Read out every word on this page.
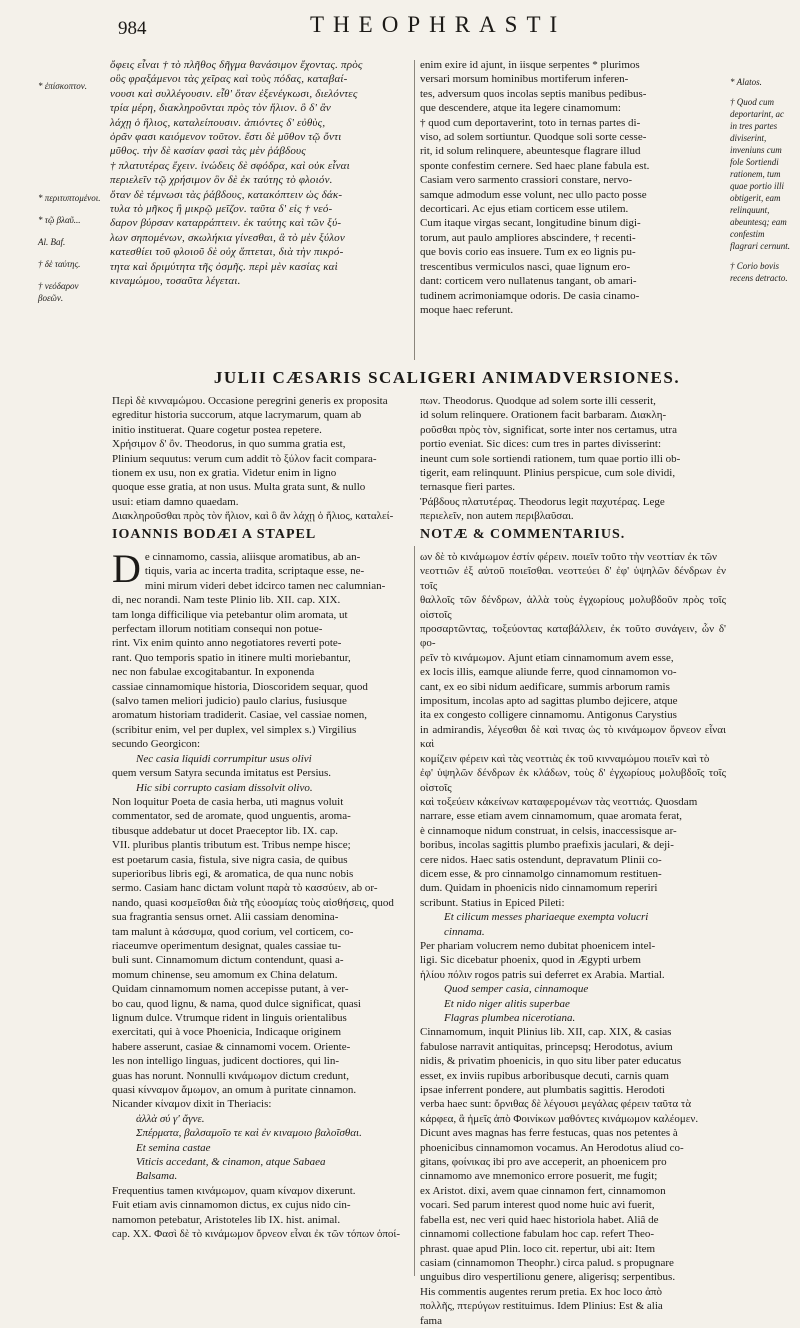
984	THEOPHRASTI
* ἐπίσκοπτον.
* περιτυπτομένοι.
* τῷ βλαῦ...
Al. Baf.
† δὲ ταύτης.
† νεόδαρον βοεῶν.
* Alatos.
† Quod cum deportarint, ac in tres partes diviserint, inveniuns cum fole Sortiendi rationem, tum quae portio illi obtigerit, eam relinquunt, abeuntesq; eam confestim flagrari cernunt.
† Corio bovis recens detracto.
ὄφεις εἶναι † τὸ πλῆθος δῆγμα θανάσιμον ἔχοντας. πρὸς
οὓς φραξάμενοι τὰς χεῖρας καὶ τοὺς πόδας, καταβαί-
νουσι καὶ συλλέγουσιν. εἶθ' ὅταν ἐξενέγκωσι, διελόντες
τρία μέρη, διακληροῦνται πρὸς τὸν ἥλιον. ὃ δ' ἂν
λάχῃ ὁ ἥλιος, καταλείπουσιν. ἀπιόντες δ' εὐθὺς,
ὁρᾶν φασι καιόμενον τοῦτον. ἔστι δὲ μῦθον τῷ ὄντι
μῦθος. τὴν δὲ κασίαν φασὶ τὰς μὲν ῥάβδους
† πλατυτέρας ἔχειν. ἰνώδεις δὲ σφόδρα, καὶ οὐκ εἶναι
περιελεῖν τῷ χρήσιμον ὃν δὲ ἐκ ταύτης τὸ φλοιόν.
ὅταν δὲ τέμνωσι τὰς ῥάβδους, κατακόπτειν ὡς δάκ-
τυλα τὸ μῆκος ἢ μικρῷ μεῖζον. ταῦτα δ' εἰς † νεό-
δαρον βύρσαν καταρράπτειν. ἐκ ταύτης καὶ τῶν ξύ-
λων σηπομένων, σκωλήκια γίνεσθαι, ἃ τὸ μὲν ξύλον
κατεσθίει τοῦ φλοιοῦ δὲ οὐχ ἅπτεται, διὰ τὴν πικρό-
τητα καὶ δριμύτητα τῆς ὀσμῆς. περὶ μὲν κασίας καὶ
κιναμώμου, τοσαῦτα λέγεται.
enim exire id ajunt, in iisque serpentes * plurimos
versari morsum hominibus mortiferum inferen-
tes, adversum quos incolas septis manibus pedibus-
que descendere, atque ita legere cinamomum:
† quod cum deportaverint, toto in ternas partes di-
viso, ad solem sortiuntur. Quodque soli sorte cesse-
rit, id solum relinquere, abeuntesque flagrare illud
sponte confestim cernere. Sed haec plane fabula est.
Casiam vero sarmento crassiori constare, nervo-
samque admodum esse volunt, nec ullo pacto posse
decorticari. Ac ejus etiam corticem esse utilem.
Cum itaque virgas secant, longitudine binum digi-
torum, aut paulo ampliores abscindere, † recenti-
que bovis corio eas insuere. Tum ex eo lignis pu-
trescentibus vermiculos nasci, quae lignum ero-
dant: corticem vero nullatenus tangant, ob amari-
tudinem acrimoniamque odoris. De casia cinamo-
moque haec referunt.
JULII CÆSARIS SCALIGERI ANIMADVERSIONES.
Περὶ δὲ κινναμώμου. Occasione peregrini generis ex proposita
egreditur historia succorum, atque lacrymarum, quam ab
initio instituerat. Quare cogetur postea repetere.
Χρήσιμον δ' ὂν. Theodorus, in quo summa gratia est,
Plinium sequutus: verum cum addit τὸ ξύλον facit compara-
tionem ex usu, non ex gratia. Videtur enim in ligno
quoque esse gratia, at non usus. Multa grata sunt, & nullo
usui: etiam damno quaedam.
Διακληροῦσθαι πρὸς τὸν ἥλιον, καὶ ὃ ἂν λάχῃ ὁ ἥλιος, καταλεί-
πων. Theodorus. Quodque ad solem sorte illi cesserit,
id solum relinquere. Orationem facit barbaram. Διακλη-
ροῦσθαι πρὸς τὸν, significat, sorte inter nos certamus, utra
portio eveniat. Sic dices: cum tres in partes divisserint:
ineunt cum sole sortiendi rationem, tum quae portio illi ob-
tigerit, eam relinquunt. Plinius perspicue, cum sole dividi,
ternasque fieri partes.
Ῥάβδους πλατυτέρας. Theodorus legit παχυτέρας. Lege
περιελεῖν, non autem περιβλαῦσαι.
IOANNIS BODÆI A STAPEL	NOTÆ & COMMENTARIUS.
De cinnamomo, cassia, aliisque aromatibus, ab an-
tiquis, varia ac incerta tradita, scriptaque esse, ne-
mini mirum videri debet idcirco tamen nec calumnian-
di, nec norandi. Nam teste Plinio lib. XII. cap. XIX.
tam longa difficilique via petebantur olim aromata, ut
perfectam illorum notitiam consequi non potue-
rint. Vix enim quinto anno negotiatores reverti pote-
rant. Quo temporis spatio in itinere multi moriebantur,
nec non fabulae excogitabantur. In exponenda
cassiae cinnamomique historia, Dioscoridem sequar, quod
(salvo tamen meliori judicio) paulo clarius, fusiusque
aromatum historiam tradiderit. Casiae, vel cassiae nomen,
(scribitur enim, vel per duplex, vel simplex s.) Virgilius
secundo Georgicon:
Nec casia liquidi corrumpitur usus olivi
quem versum Satyra secunda imitatus est Persius.
Hic sibi corrupto casiam dissolvit olivo.
Non loquitur Poeta de casia herba, uti magnus voluit
commentator, sed de aromate, quod unguentis, aroma-
tibusque addebatur ut docet Praeceptor lib. IX. cap.
VII. pluribus plantis tributum est. Tribus nempe hisce;
est poetarum casia, fistula, sive nigra casia, de quibus
superioribus libris egi, & aromatica, de qua nunc nobis
sermo. Casiam hanc dictam volunt παρὰ τὸ κασσύειν, ab or-
nando, quasi κοσμεῖσθαι διὰ τῆς εὐοσμίας τοὺς αἰσθήσεις, quod
sua fragrantia sensus ornet. Alii cassiam denomina-
tam malunt à κάσσυμα, quod corium, vel corticem, co-
riaceumve operimentum designat, quales cassiae tu-
buli sunt. Cinnamomum dictum contendunt, quasi a-
momum chinense, seu amomum ex China delatum.
Quidam cinnamomum nomen accepisse putant, à ver-
bo cau, quod lignu, & nama, quod dulce significat, quasi
lignum dulce. Vtrumque rident in linguis orientalibus
exercitati, qui à voce Phoenicia, Indicaque originem
habere asserunt, casiae & cinnamomi vocem. Oriente-
les non intelligo linguas, judicent doctiores, qui lin-
guas has norunt. Nonnulli κινάμωμον dictum credunt,
quasi κίνναμον ἄμωμον, an omum à puritate cinnamon.
Nicander κίναμον dixit in Theriacis:
ἀλλὰ σύ γ' ἄγνε.
Σπέρματα, βαλσαμοῖο τε καὶ ἐν κιναμοιο βαλοῖσθαι.
Et semina castae
Viticis accedant, & cinamon, atque Sabaea
Balsama.
Frequentius tamen κινάμωμον, quam κίναμον dixerunt.
Fuit etiam avis cinnamomon dictus, ex cujus nido cin-
namomon petebatur, Aristoteles lib IX. hist. animal.
cap. XX. Φασὶ δὲ τὸ κινάμωμον ὄρνεον εἶναι ἐκ τῶν τόπων ὁποί-
ων δὲ τὸ κινάμωμον ἐστίν φέρειν. ποιεῖν τοῦτο τὴν νεοττίαν ἐκ τῶν
νεοττιῶν ἐξ αὐτοῦ ποιεῖσθαι. νεοττεύει δ' ἐφ' ὑψηλῶν δένδρων ἐν τοῖς
θαλλοῖς τῶν δένδρων, ἀλλὰ τοὺς ἐγχωρίους μολυβδοῦν πρὸς τοῖς οἰστοῖς
προσαρτῶντας, τοξεύοντας καταβάλλειν, ἐκ τοῦτο συνάγειν, ὧν δ' φο-
ρεῖν τὸ κινάμωμον. Ajunt etiam cinnamomum avem esse,
ex locis illis, eamque aliunde ferre, quod cinnamomon vo-
cant, ex eo sibi nidum aedificare, summis arborum ramis
impositum, incolas apto ad sagittas plumbo dejicere, atque
ita ex congesto colligere cinnamomu. Antigonus Carystius
in admirandis, λέγεσθαι δὲ καὶ τινας ὡς τὸ κινάμωμον ὄρνεον εἶναι καὶ
κομίζειν φέρειν καὶ τὰς νεοττιὰς ἐκ τοῦ κινναμώμου ποιεῖν καὶ τὸ
ἐφ' ὑψηλῶν δένδρων ἐκ κλάδων, τοὺς δ' ἐγχωρίους μολυβδοῖς τοῖς οἰστοῖς
καὶ τοξεύειν κἀκείνων καταφερομένων τὰς νεοττιάς. Quosdam
narrare, esse etiam avem cinnamomum, quae aromata ferat,
è cinnamoque nidum construat, in celsis, inaccessisque ar-
boribus, incolas sagittis plumbo praefixis jaculari, & deji-
cere nidos. Haec satis ostendunt, depravatum Plinii co-
dicem esse, & pro cinnamolgo cinnamomum restituen-
dum. Quidam in phoenicis nido cinnamomum reperiri
scribunt. Statius in Epiced Pileti:
Et cilicum messes phariaeque exempta volucri
cinnama.
Per phariam volucrem nemo dubitat phoenicem intel-
ligi. Sic dicebatur phoenix, quod in Ægypti urbem
ἡλίου πόλιν rogos patris sui deferret ex Arabia. Martial.
Quod semper casia, cinnamoque
Et nido niger alitis superbae
Flagras plumbea nicerotiana.
Cinnamomum, inquit Plinius lib. XII, cap. XIX, & casias
fabulose narravit antiquitas, princepsq; Herodotus, avium
nidis, & privatim phoenicis, in quo situ liber pater educatus
esset, ex inviis rupibus arboribusque decuti, carnis quam
ipsae inferrent pondere, aut plumbatis sagittis. Herodoti
verba haec sunt: ὄρνιθας δὲ λέγουσι μεγάλας φέρειν ταῦτα τὰ
κάρφεα, ἃ ἡμεῖς ἀπὸ Φοινίκων μαθόντες κινάμωμον καλέομεν.
Dicunt aves magnas has ferre festucas, quas nos petentes à
phoenicibus cinnamomon vocamus. An Herodotus aliud co-
gitans, φοίνικας ibi pro ave acceperit, an phoenicem pro
cinnamomo ave mnemonico errore posuerit, me fugit;
ex Aristot. dixi, avem quae cinnamon fert, cinnamomon
vocari. Sed parum interest quod nome huic avi fuerit,
fabella est, nec veri quid haec historiola habet. Aliâ de
cinnamomi collectione fabulam hoc cap. refert Theo-
phrast. quae apud Plin. loco cit. repertur, ubi ait: Item
casiam (cinnamomon Theophr.) circa palud. s propugnare
unguibus diro vespertilionu genere, aligerisq; serpentibus.
His commentis augentes rerum pretia. Ex hoc loco ἀπὸ
πολλῆς, πτερύγων restituimus. Idem Plinius: Est & alia
fama
